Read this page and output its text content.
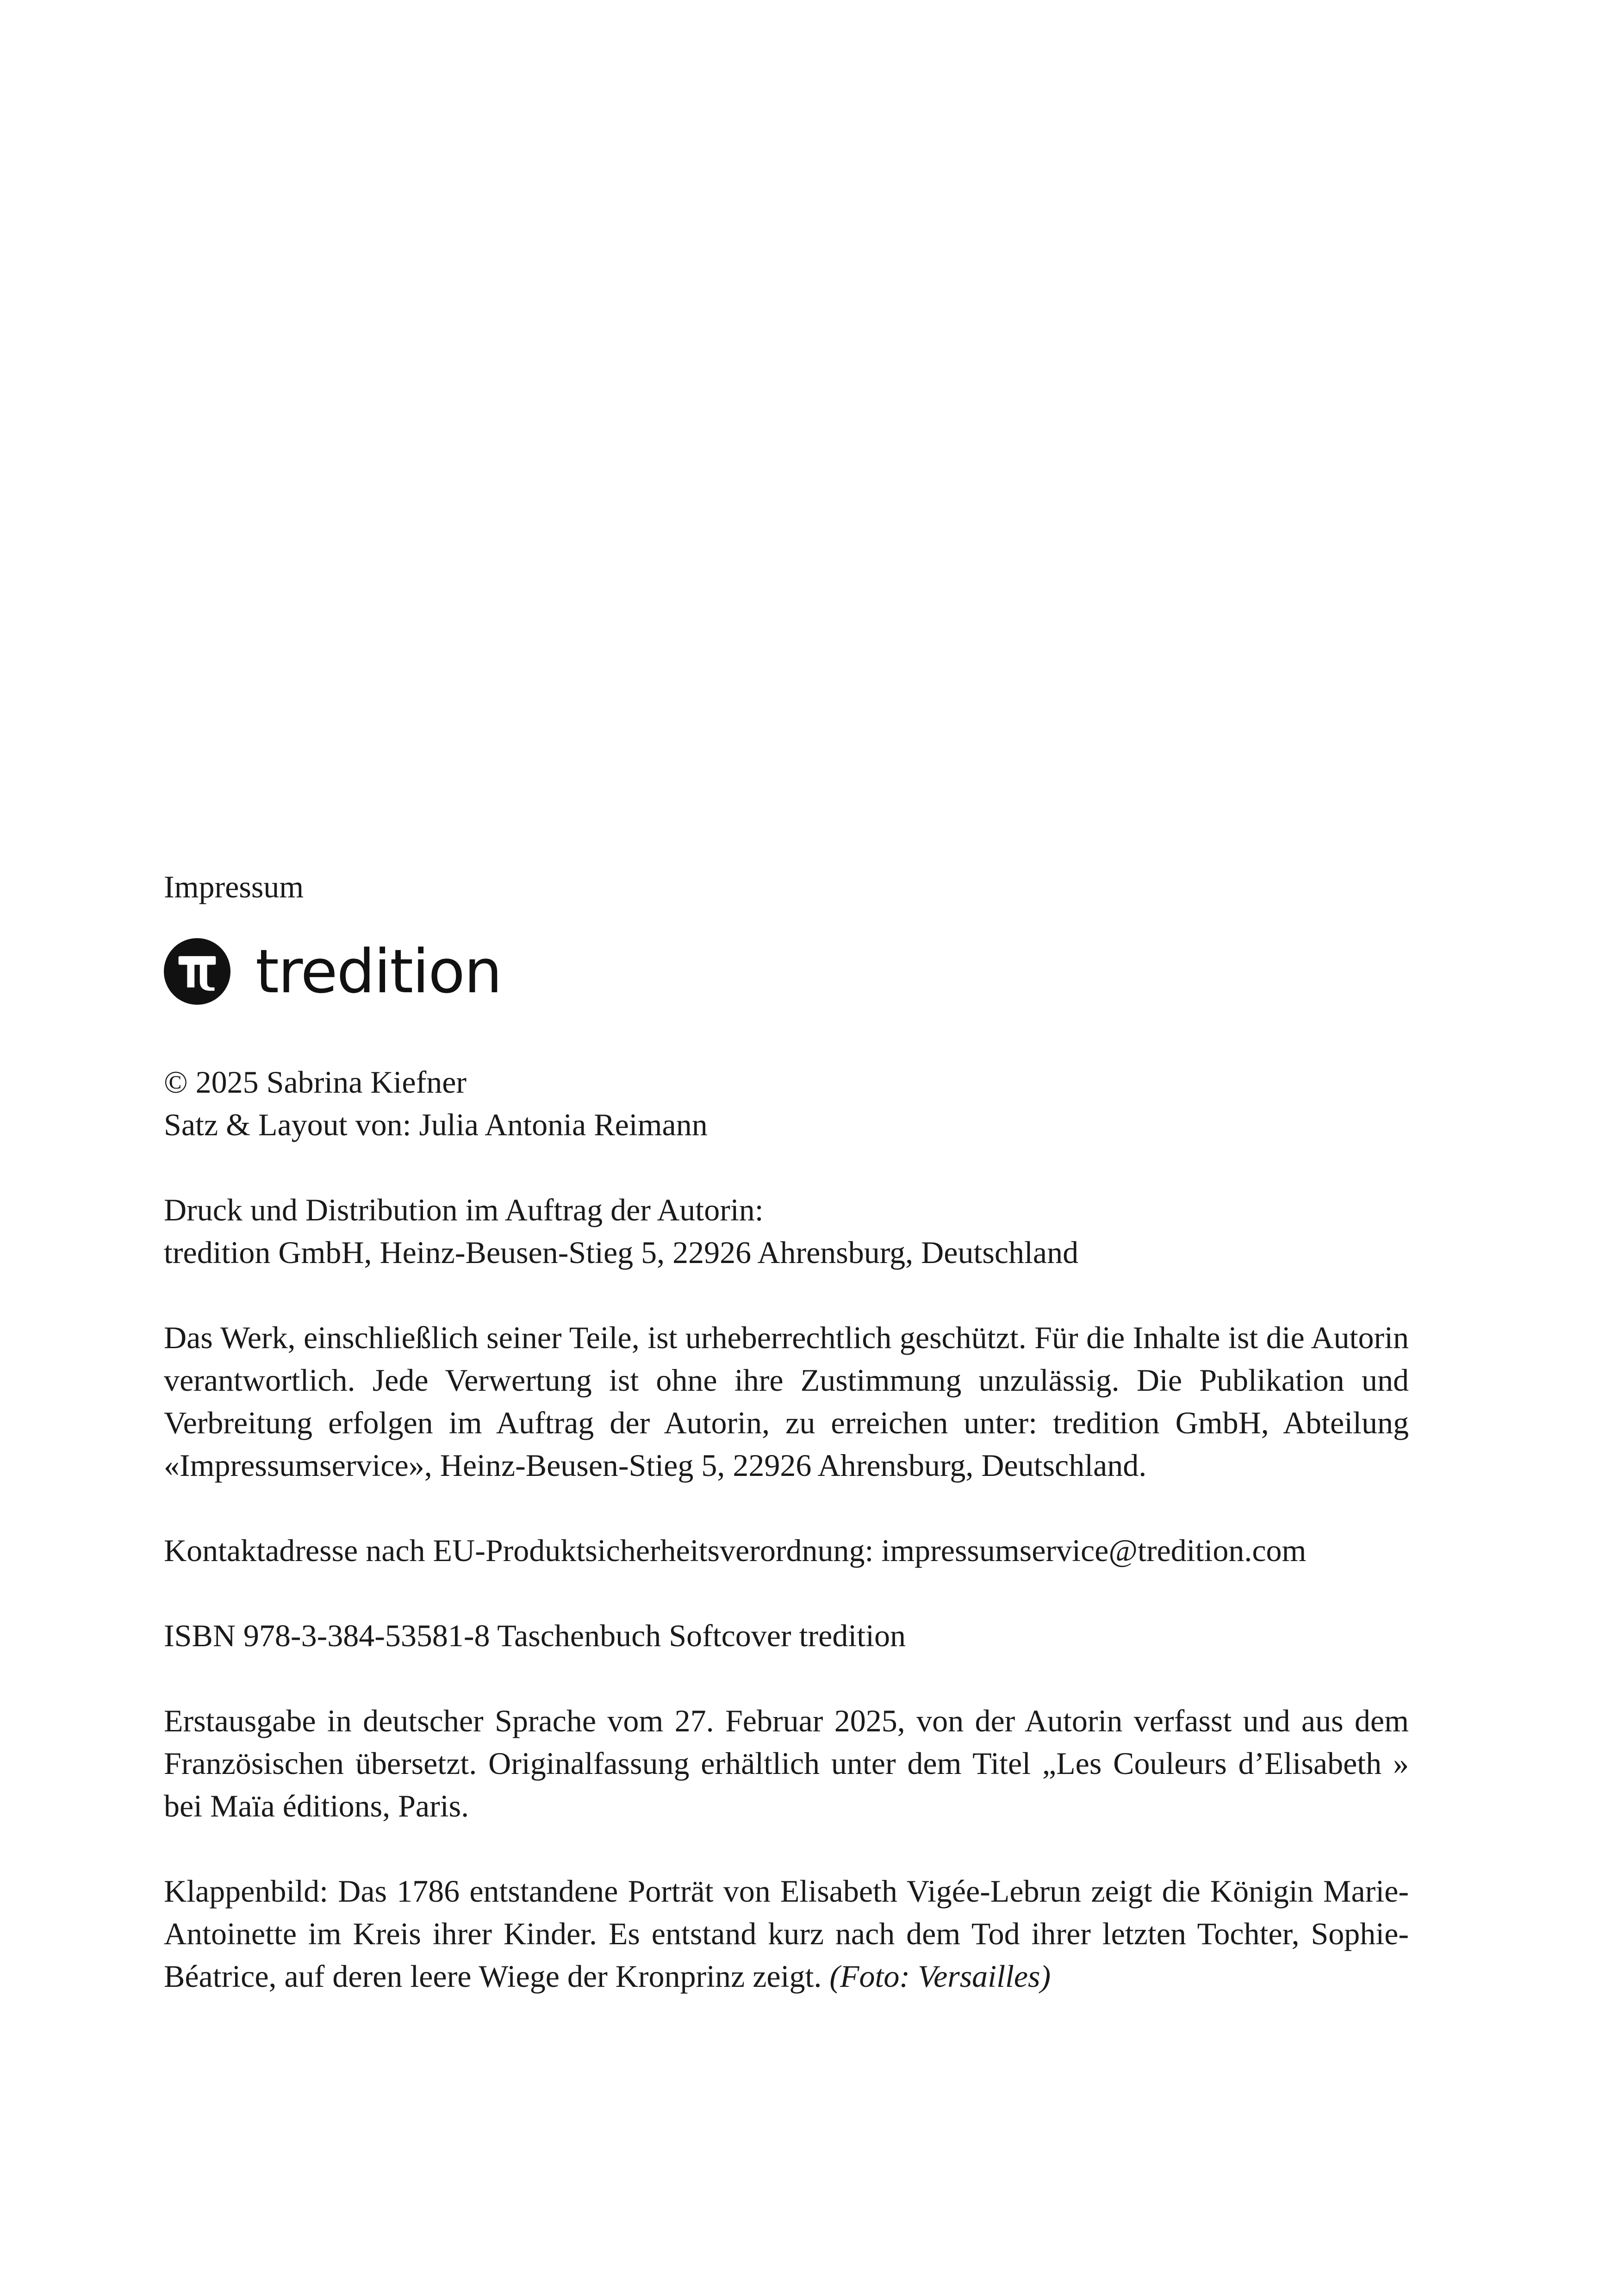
Impressum

tredition
© 2025 Sabrina Kiefner
Satz & Layout von: Julia Antonia Reimann
Druck und Distribution im Auftrag der Autorin:
tredition GmbH, Heinz-Beusen-Stieg 5, 22926 Ahrensburg, Deutschland

Das Werk, einschließlich seiner Teile, ist urheberrechtlich geschützt. Für die Inhalte ist die Autorin verantwortlich. Jede Verwertung ist ohne ihre Zustimmung unzulässig. Die Publikation und Verbreitung erfolgen im Auftrag der Autorin, zu erreichen unter: tredition GmbH, Abteilung «Impressumservice», Heinz-Beusen-Stieg 5, 22926 Ahrensburg, Deutschland.

Kontaktadresse nach EU-Produktsicherheitsverordnung: impressumservice@tredition.com

ISBN 978-3-384-53581-8 Taschenbuch Softcover tredition

Erstausgabe in deutscher Sprache vom 27. Februar 2025, von der Autorin verfasst und aus dem Französischen übersetzt. Originalfassung erhältlich unter dem Titel „Les Couleurs d’Elisabeth » bei Maïa éditions, Paris.

Klappenbild: Das 1786 entstandene Porträt von Elisabeth Vigée-Lebrun zeigt die Königin Marie-Antoinette im Kreis ihrer Kinder. Es entstand kurz nach dem Tod ihrer letzten Tochter, Sophie-Béatrice, auf deren leere Wiege der Kronprinz zeigt. (Foto: Versailles)
